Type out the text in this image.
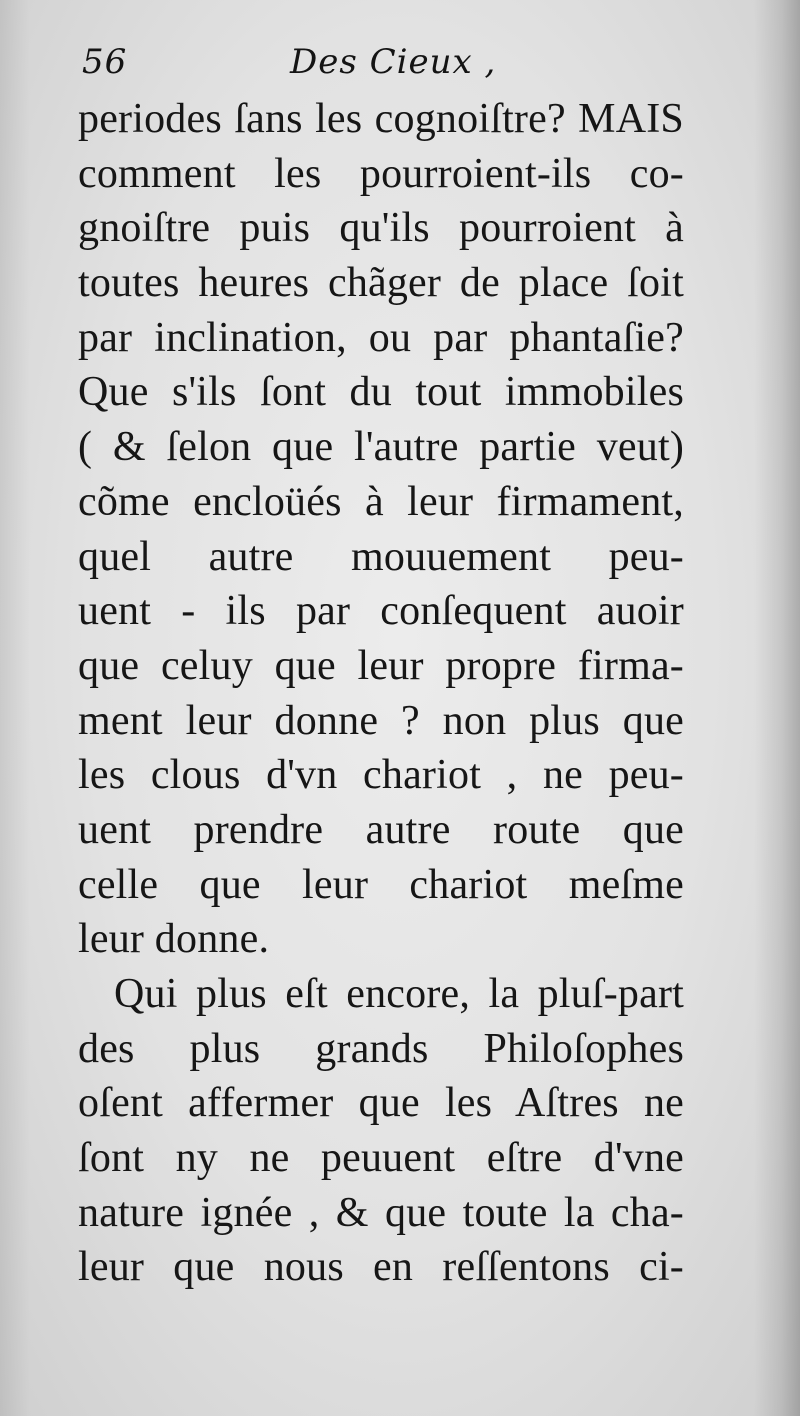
56	Des Cieux ,
periodes ſans les cognoiſtre? MAIS
comment les pourroient-ils co-
gnoiſtre puis qu'ils pourroient à
toutes heures chãger de place ſoit
par inclination, ou par phantaſie?
Que s'ils ſont du tout immobiles
( & ſelon que l'autre partie veut)
cõme encloüés à leur firmament,
quel autre mouuement peu-
uent - ils par conſequent auoir
que celuy que leur propre firma-
ment leur donne ? non plus que
les clous d'vn chariot , ne peu-
uent prendre autre route que
celle que leur chariot meſme
leur donne.
Qui plus eſt encore, la pluſ-part
des plus grands Philoſophes
oſent affermer que les Aſtres ne
ſont ny ne peuuent eſtre d'vne
nature ignée , & que toute la cha-
leur que nous en reſſentons ci-
